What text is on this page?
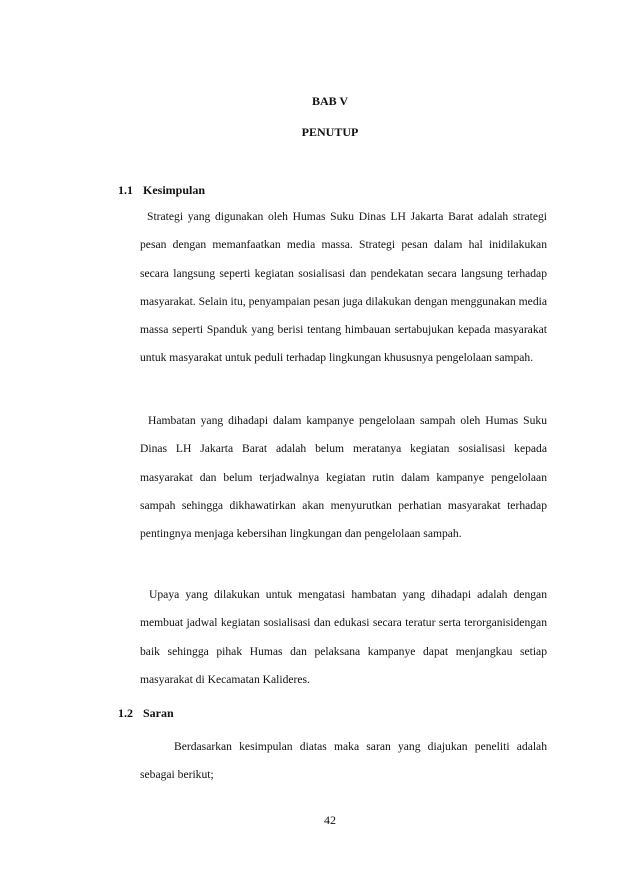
BAB V
PENUTUP
1.1 Kesimpulan

Strategi yang digunakan oleh Humas Suku Dinas LH Jakarta Barat adalah strategi pesan dengan memanfaatkan media massa. Strategi pesan dalam hal inidilakukan secara langsung seperti kegiatan sosialisasi dan pendekatan secara langsung terhadap masyarakat. Selain itu, penyampaian pesan juga dilakukan dengan menggunakan media massa seperti Spanduk yang berisi tentang himbauan sertabujukan kepada masyarakat untuk masyarakat untuk peduli terhadap lingkungan khususnya pengelolaan sampah.

Hambatan yang dihadapi dalam kampanye pengelolaan sampah oleh Humas Suku Dinas LH Jakarta Barat adalah belum meratanya kegiatan sosialisasi kepada masyarakat dan belum terjadwalnya kegiatan rutin dalam kampanye pengelolaan sampah sehingga dikhawatirkan akan menyurutkan perhatian masyarakat terhadap pentingnya menjaga kebersihan lingkungan dan pengelolaan sampah.

Upaya yang dilakukan untuk mengatasi hambatan yang dihadapi adalah dengan membuat jadwal kegiatan sosialisasi dan edukasi secara teratur serta terorganisidengan baik sehingga pihak Humas dan pelaksana kampanye dapat menjangkau setiap masyarakat di Kecamatan Kalideres.

1.2 Saran

Berdasarkan kesimpulan diatas maka saran yang diajukan peneliti adalah sebagai berikut;

42
